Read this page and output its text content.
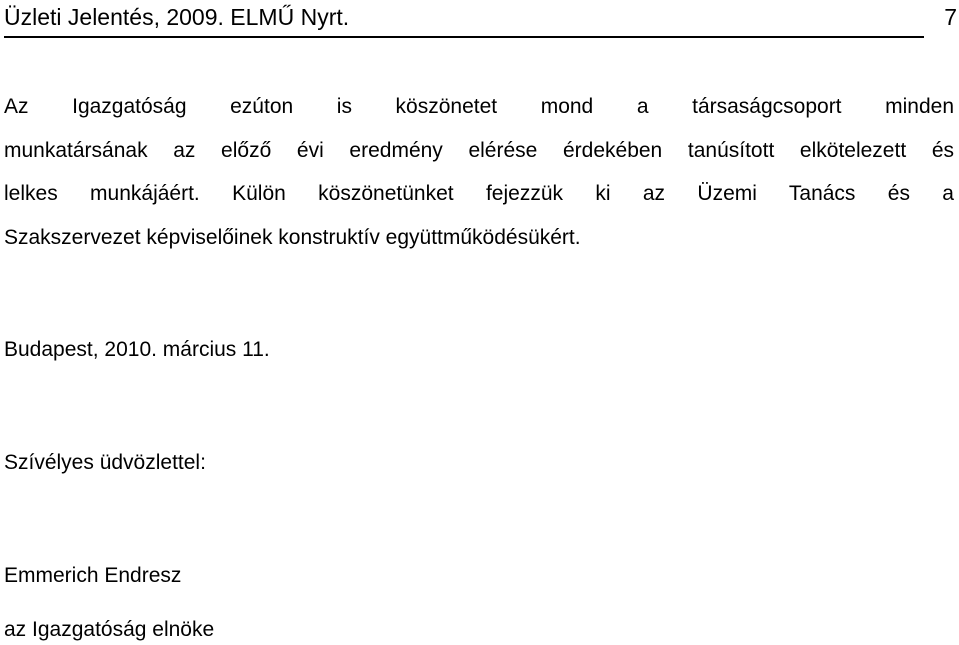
Üzleti Jelentés, 2009. ELMŰ Nyrt.	7
Az Igazgatóság ezúton is köszönetet mond a társaságcsoport minden
munkatársának az előző évi eredmény elérése érdekében tanúsított elkötelezett és
lelkes munkájáért. Külön köszönetünket fejezzük ki az Üzemi Tanács és a
Szakszervezet képviselőinek konstruktív együttműködésükért.
Budapest, 2010. március 11.
Szívélyes üdvözlettel:
Emmerich Endresz
az Igazgatóság elnöke
